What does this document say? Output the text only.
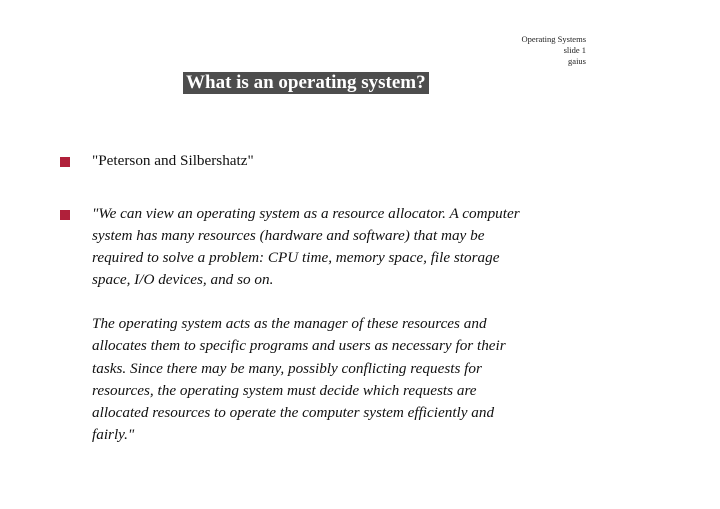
Operating Systems
slide 1
gaius
What is an operating system?
"Peterson and Silbershatz"

"We can view an operating system as a resource allocator. A computer
system has many resources (hardware and software) that may be
required to solve a problem: CPU time, memory space, file storage
space, I/O devices, and so on.

The operating system acts as the manager of these resources and
allocates them to specific programs and users as necessary for their
tasks. Since there may be many, possibly conflicting requests for
resources, the operating system must decide which requests are
allocated resources to operate the computer system efficiently and
fairly."
